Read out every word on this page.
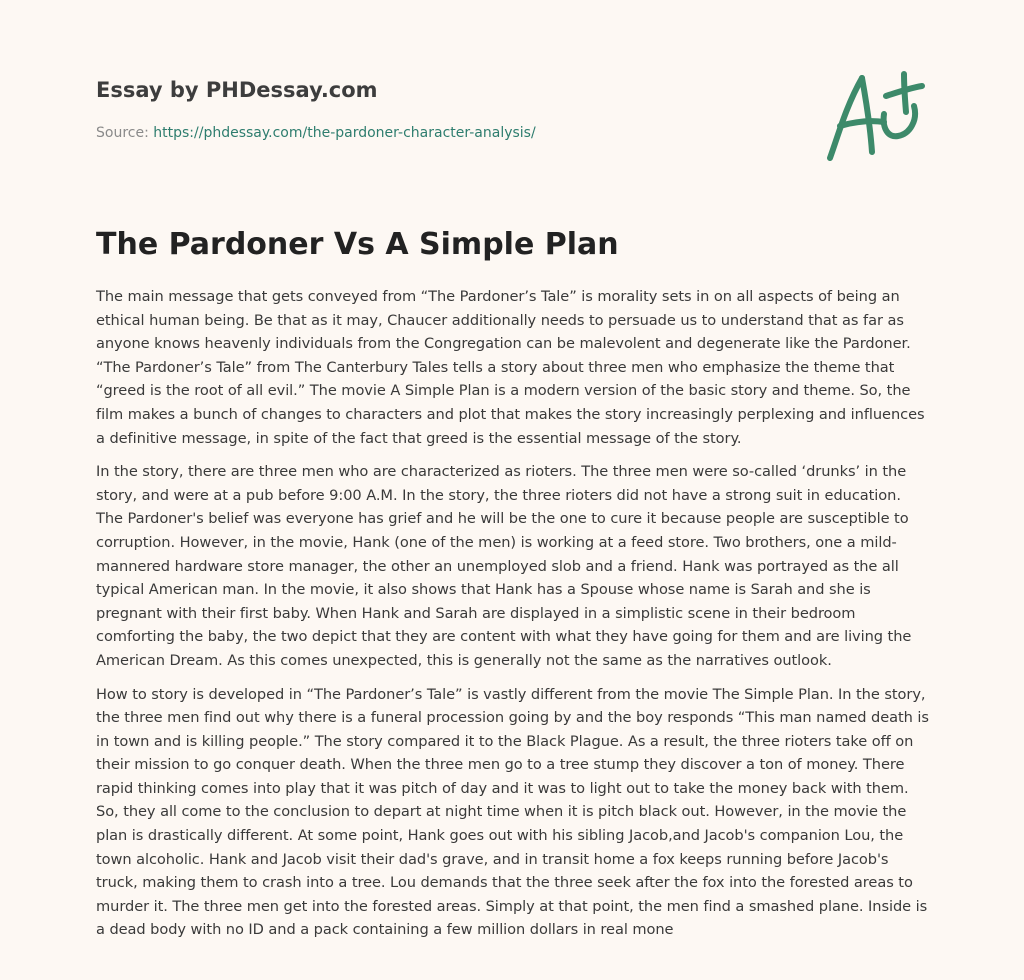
Essay by PHDessay.com
Source: https://phdessay.com/the-pardoner-character-analysis/
The Pardoner Vs A Simple Plan

The main message that gets conveyed from “The Pardoner’s Tale” is morality sets in on all aspects of being an ethical human being. Be that as it may, Chaucer additionally needs to persuade us to understand that as far as anyone knows heavenly individuals from the Congregation can be malevolent and degenerate like the Pardoner. “The Pardoner’s Tale” from The Canterbury Tales tells a story about three men who emphasize the theme that “greed is the root of all evil.” The movie A Simple Plan is a modern version of the basic story and theme. So, the film makes a bunch of changes to characters and plot that makes the story increasingly perplexing and influences a definitive message, in spite of the fact that greed is the essential message of the story.

In the story, there are three men who are characterized as rioters. The three men were so-called ‘drunks’ in the story, and were at a pub before 9:00 A.M. In the story, the three rioters did not have a strong suit in education. The Pardoner's belief was everyone has grief and he will be the one to cure it because people are susceptible to corruption. However, in the movie, Hank (one of the men) is working at a feed store. Two brothers, one a mild-mannered hardware store manager, the other an unemployed slob and a friend. Hank was portrayed as the all typical American man. In the movie, it also shows that Hank has a Spouse whose name is Sarah and she is pregnant with their first baby. When Hank and Sarah are displayed in a simplistic scene in their bedroom comforting the baby, the two depict that they are content with what they have going for them and are living the American Dream. As this comes unexpected, this is generally not the same as the narratives outlook.

How to story is developed in “The Pardoner’s Tale” is vastly different from the movie The Simple Plan. In the story, the three men find out why there is a funeral procession going by and the boy responds “This man named death is in town and is killing people.” The story compared it to the Black Plague. As a result, the three rioters take off on their mission to go conquer death. When the three men go to a tree stump they discover a ton of money. There rapid thinking comes into play that it was pitch of day and it was to light out to take the money back with them. So, they all come to the conclusion to depart at night time when it is pitch black out. However, in the movie the plan is drastically different. At some point, Hank goes out with his sibling Jacob,and Jacob's companion Lou, the town alcoholic. Hank and Jacob visit their dad's grave, and in transit home a fox keeps running before Jacob's truck, making them to crash into a tree. Lou demands that the three seek after the fox into the forested areas to murder it. The three men get into the forested areas. Simply at that point, the men find a smashed plane. Inside is a dead body with no ID and a pack containing a few million dollars in real mone
